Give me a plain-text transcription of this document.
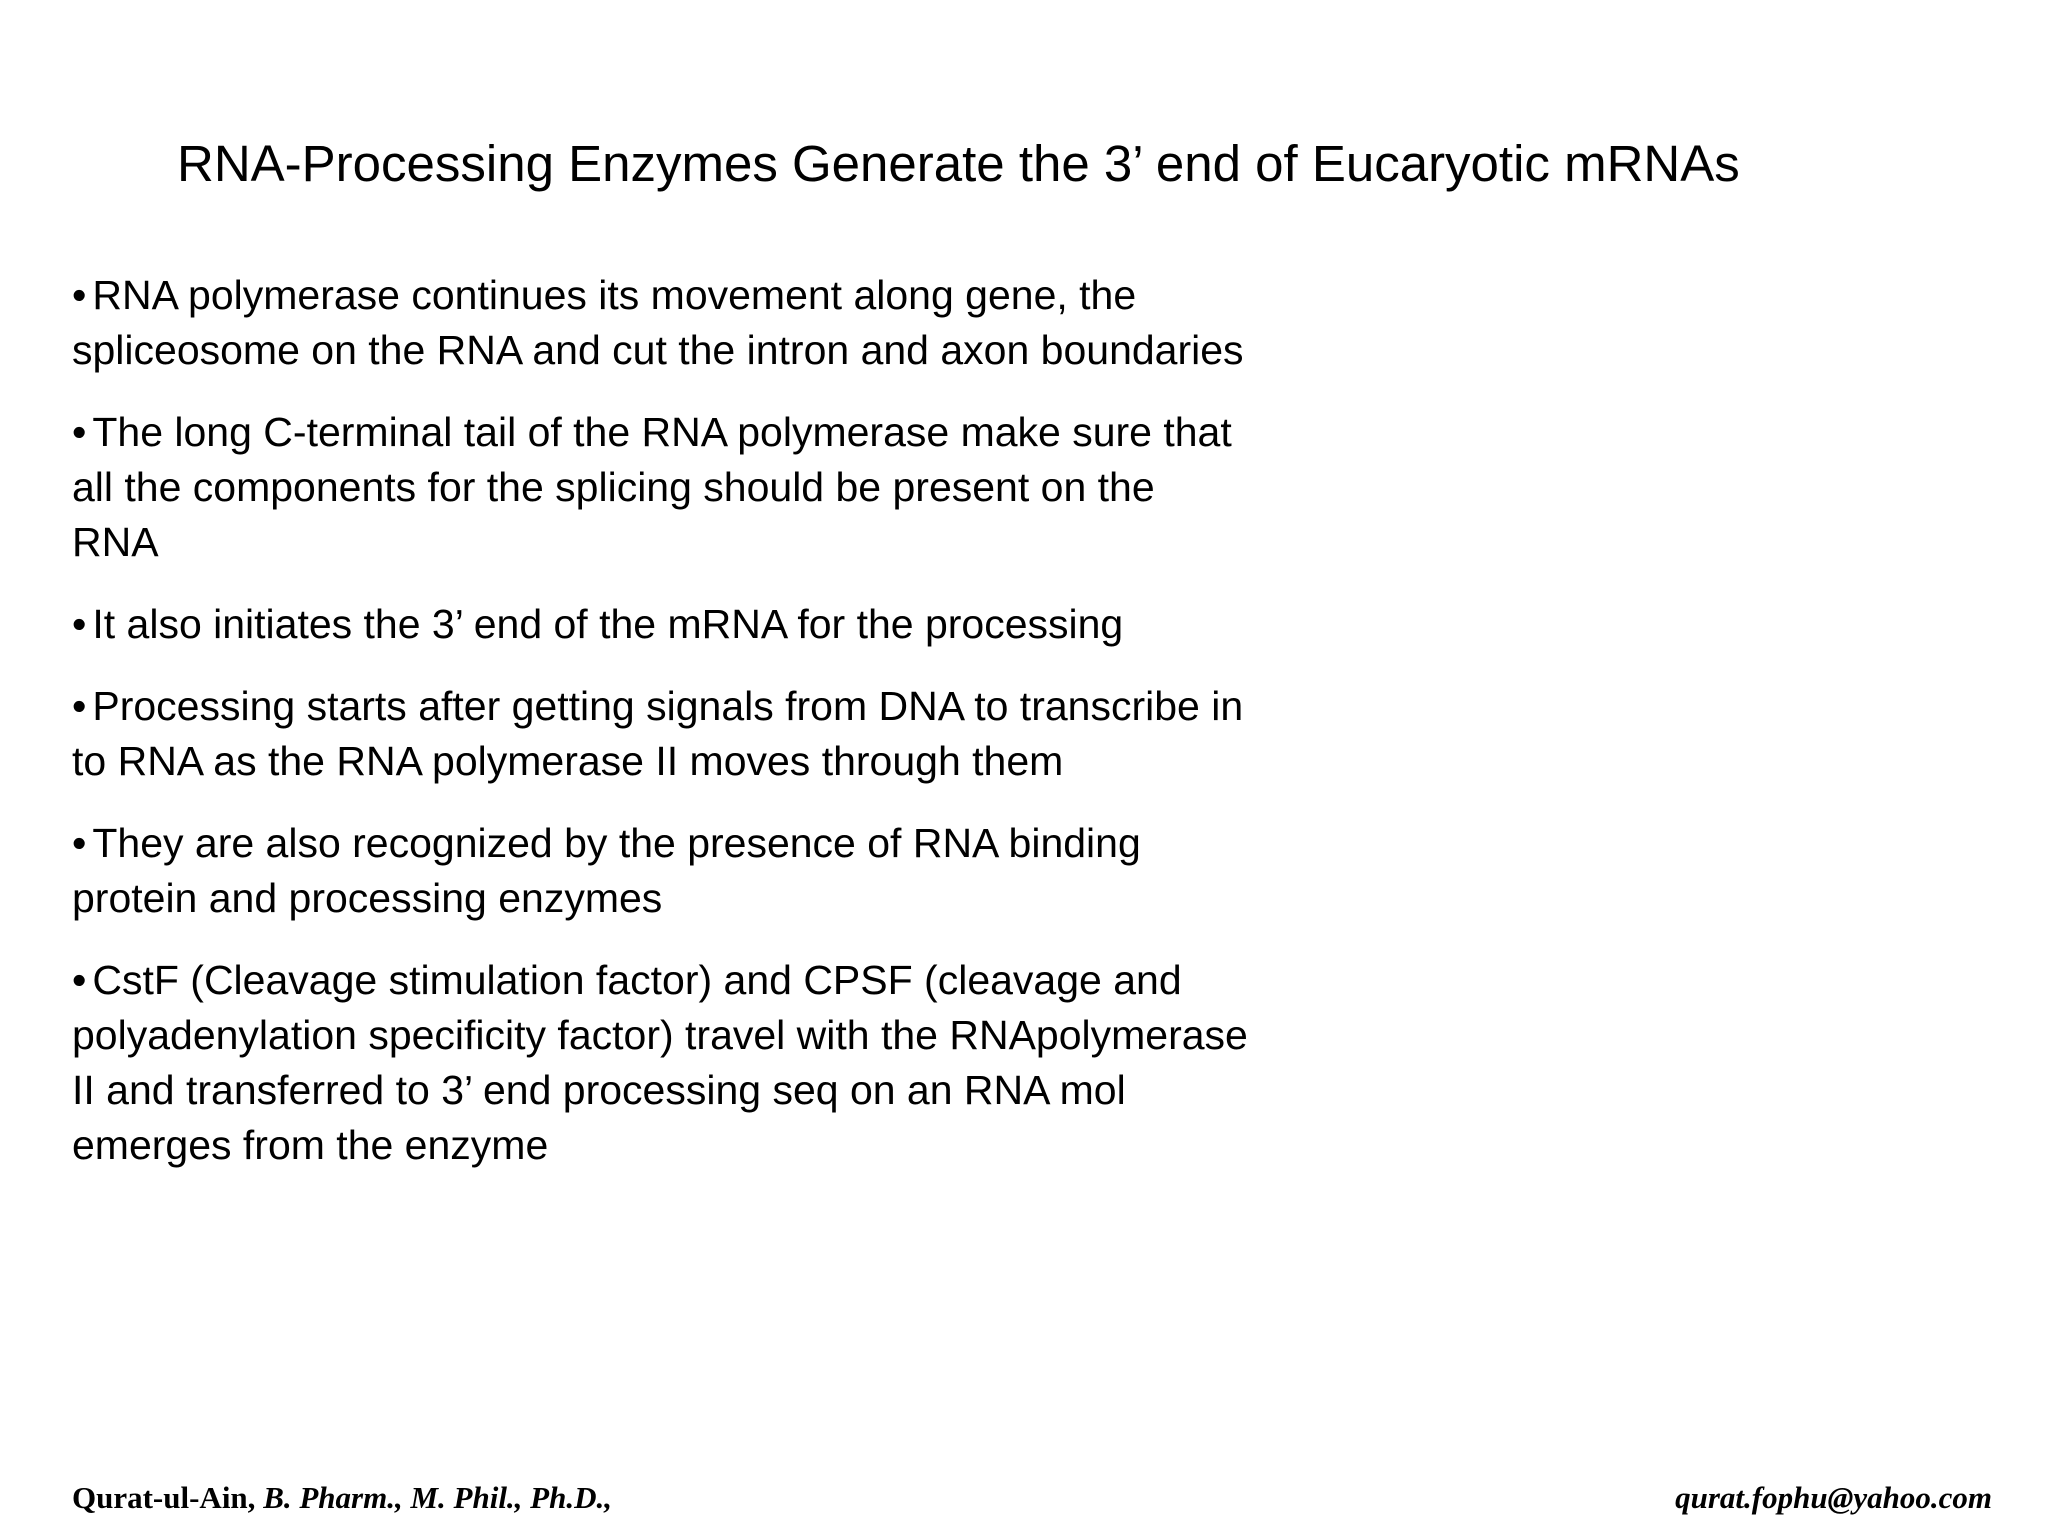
RNA-Processing Enzymes Generate the 3’ end of Eucaryotic mRNAs
• RNA polymerase continues its movement along gene, the spliceosome on the RNA and cut the intron and axon boundaries
• The long C-terminal tail of the RNA polymerase make sure that all the components for the splicing should be present on the RNA
• It also initiates the 3’ end of the mRNA for the processing
• Processing starts after getting signals from DNA to transcribe in to RNA as the RNA polymerase II moves through them
• They are also recognized by the presence of RNA binding protein and processing enzymes
• CstF (Cleavage stimulation factor) and CPSF (cleavage and polyadenylation specificity factor) travel with the RNApolymerase II and transferred to 3’ end processing seq on an RNA mol emerges from the enzyme
Qurat-ul-Ain, B. Pharm., M. Phil., Ph.D.,	qurat.fophu@yahoo.com
